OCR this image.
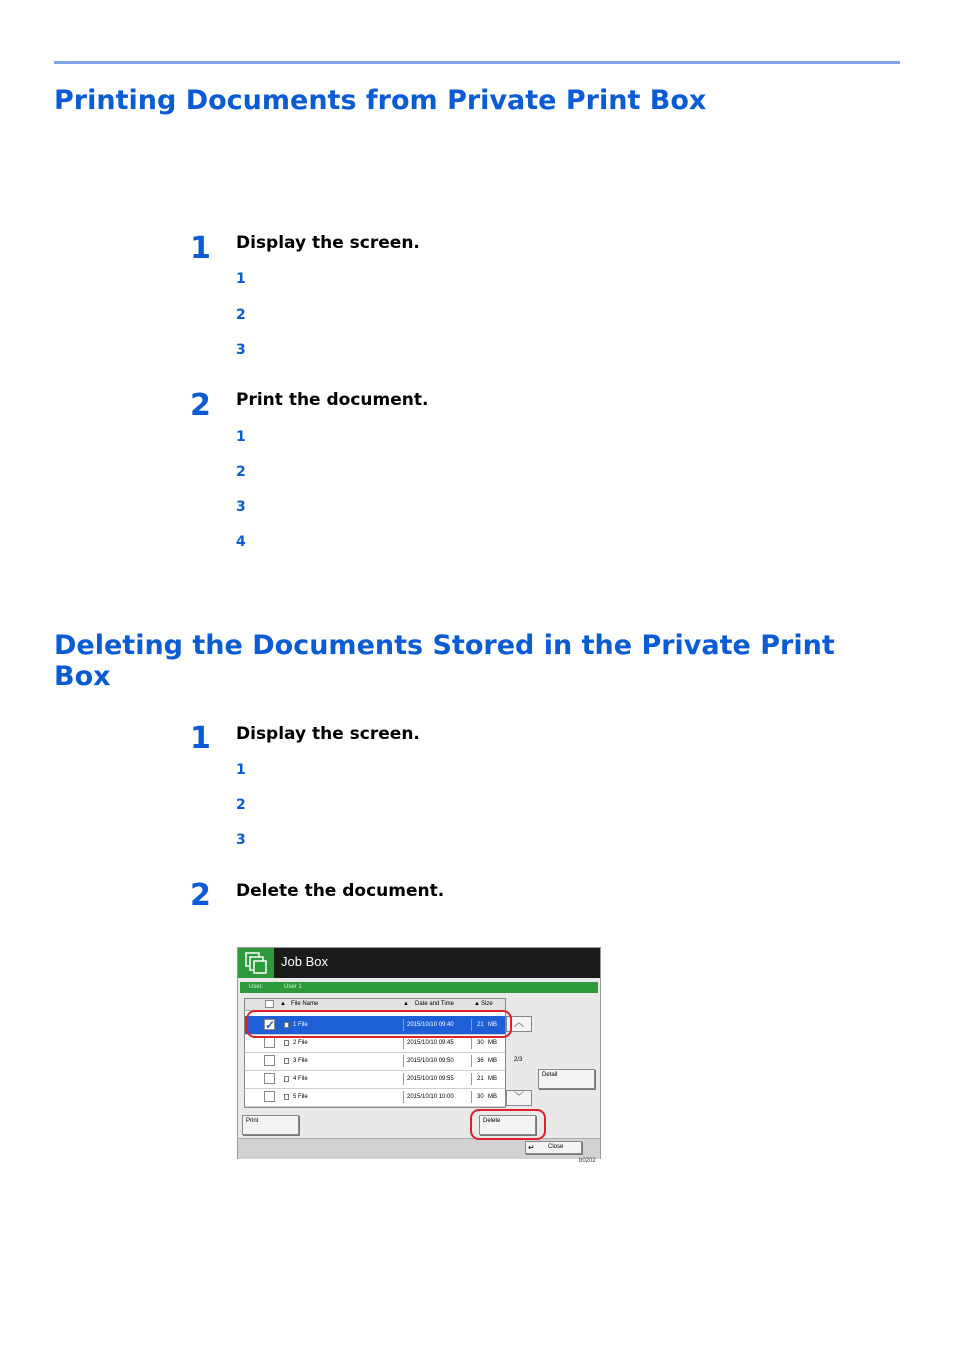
Printing Documents from Private Print Box
1 Display the screen.
1
2
3
2 Print the document.
1
2
3
4
Deleting the Documents Stored in the Private Print Box
1 Display the screen.
1
2
3
2 Delete the document.
Job Box
User:	User 1
▲ File Name	▲ Date and Time	▲ Size
✓	1 File	2015/10/10 09:40	21 MB
2 File	2015/10/10 09:45	30 MB
3 File	2015/10/10 09:50	36 MB
4 File	2015/10/10 09:55	21 MB
5 File	2015/10/10 10:00	30 MB
︿
2/3
﹀
Detail
Print	Delete
↵ Close
b0202
